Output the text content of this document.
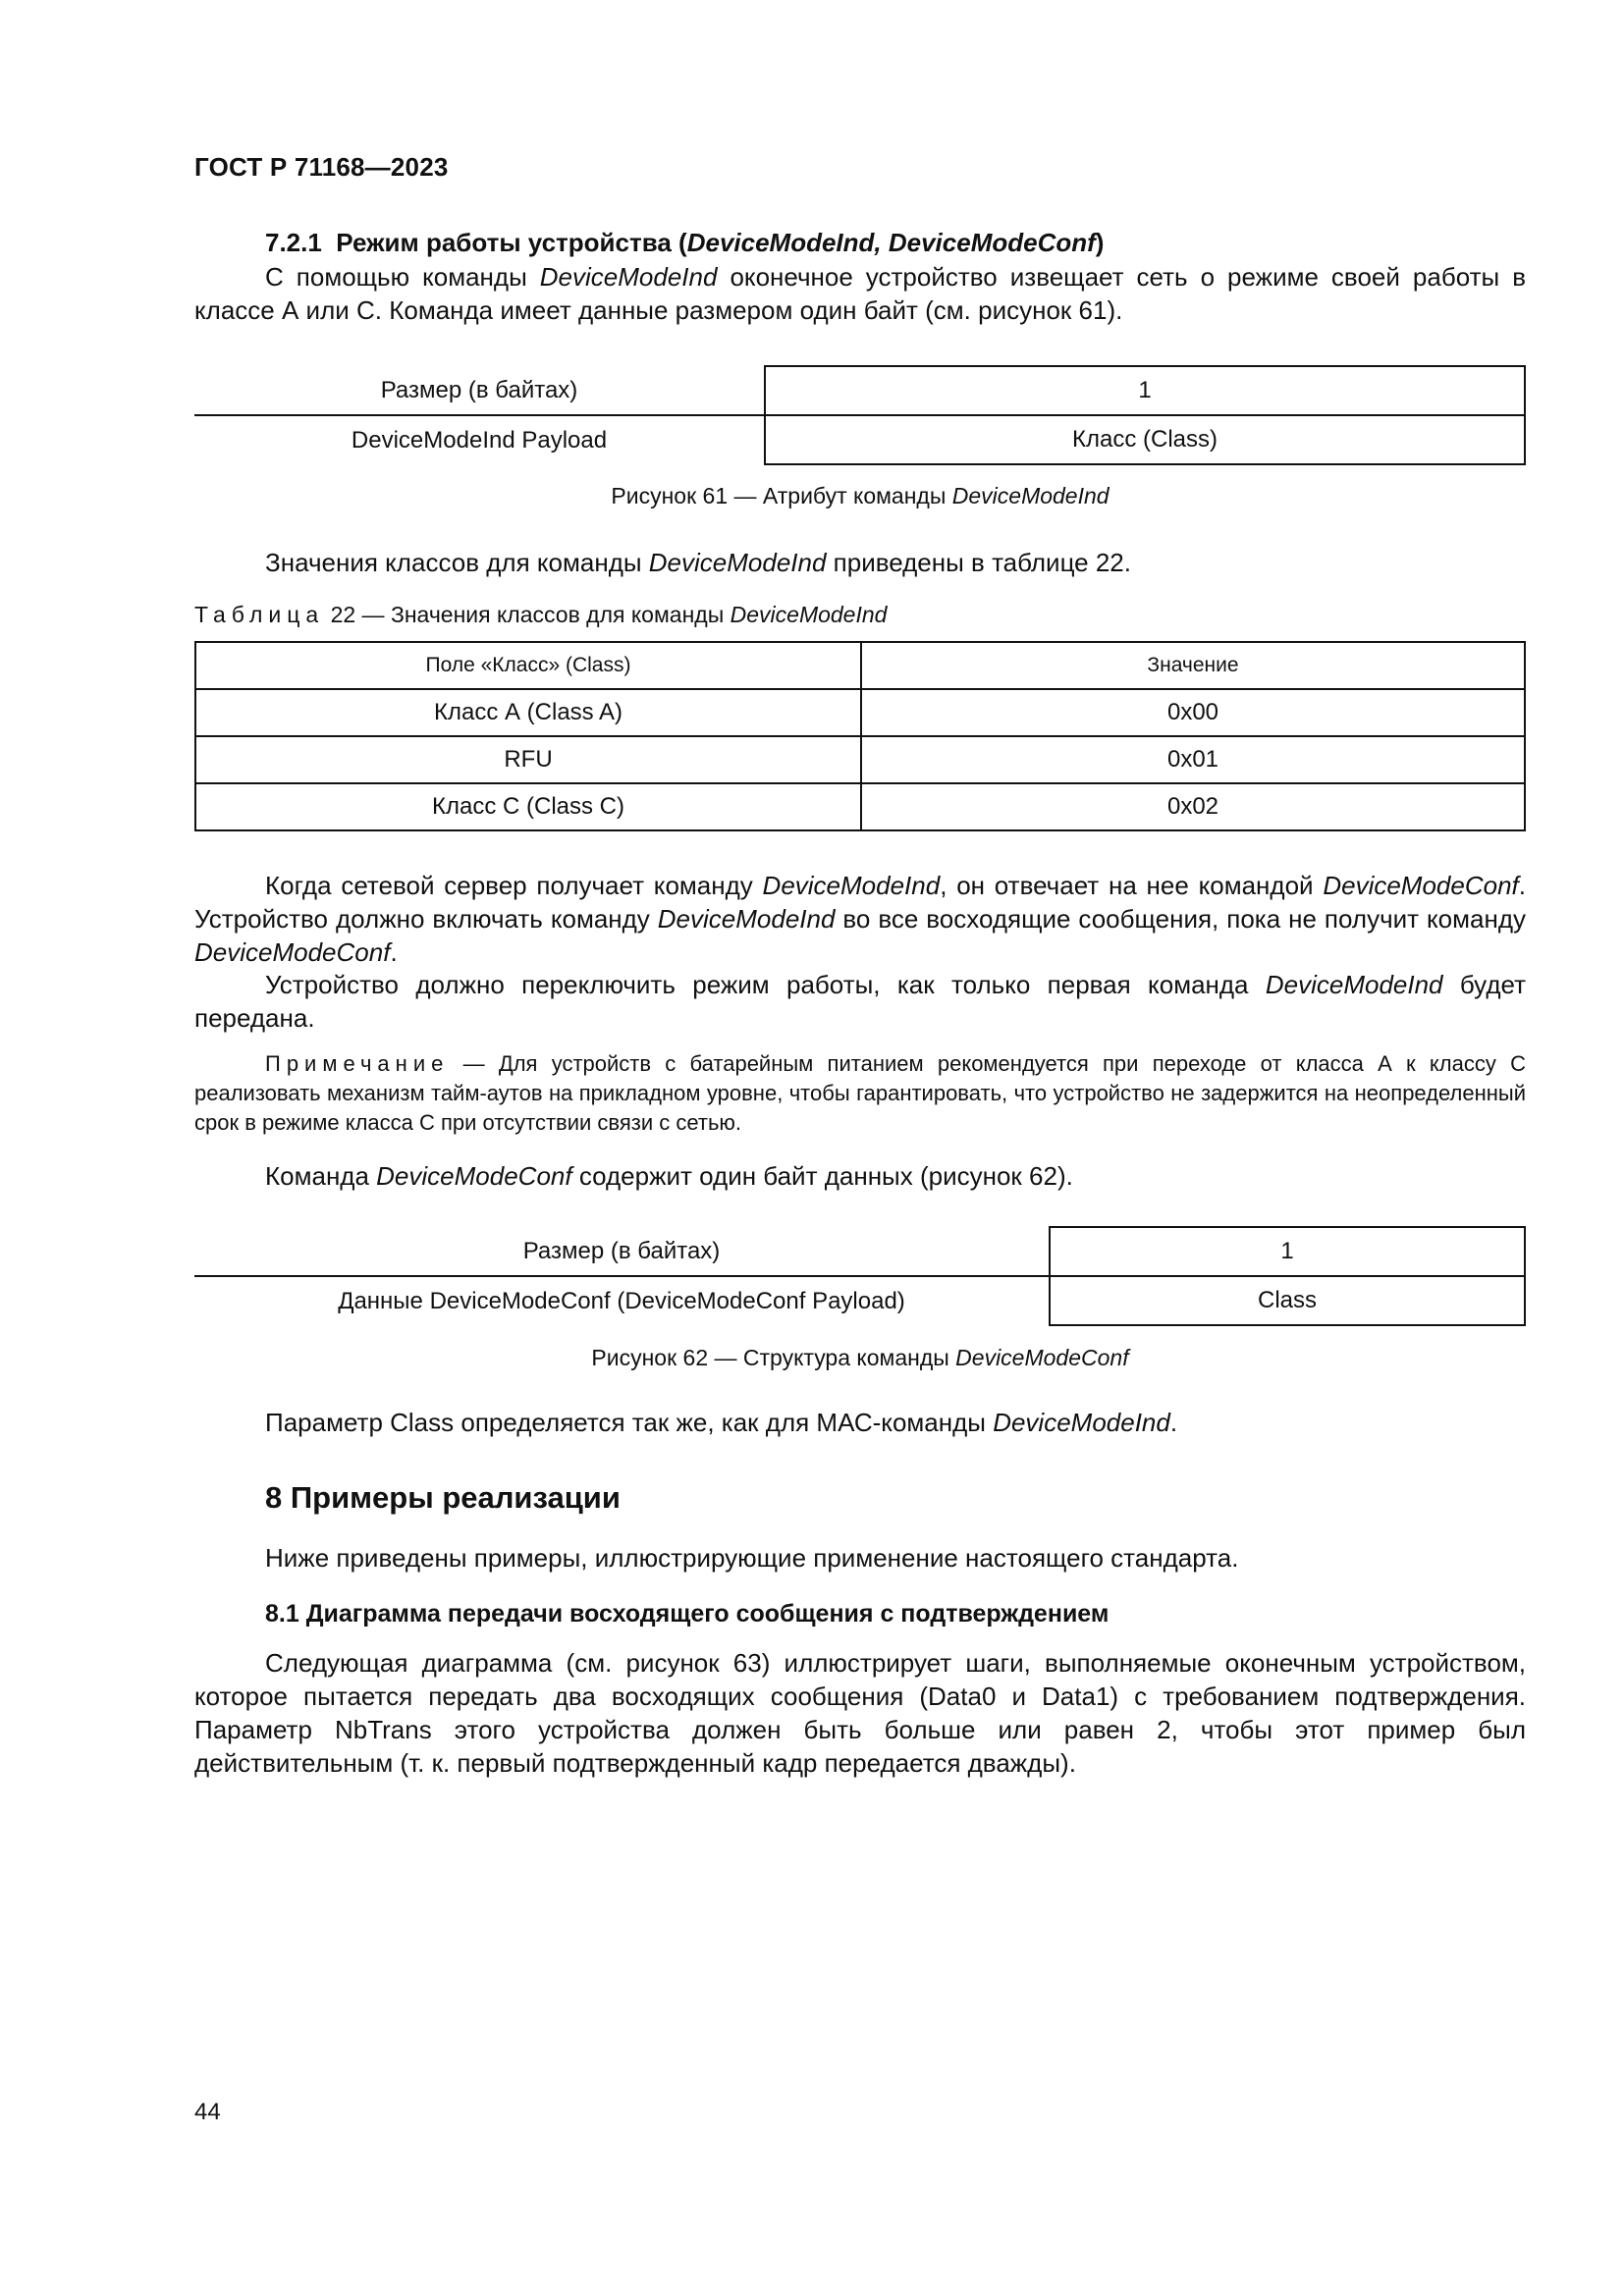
ГОСТ Р 71168—2023
7.2.1 Режим работы устройства (DeviceModeInd, DeviceModeConf)
С помощью команды DeviceModeInd оконечное устройство извещает сеть о режиме своей работы в классе А или С. Команда имеет данные размером один байт (см. рисунок 61).
Размер (в байтах)	1
DeviceModeInd Payload	Класс (Class)
Рисунок 61 — Атрибут команды DeviceModeInd
Значения классов для команды DeviceModeInd приведены в таблице 22.
Таблица 22 — Значения классов для команды DeviceModeInd
Поле «Класс» (Class)	Значение
Класс А (Class A)	0x00
RFU	0x01
Класс С (Class C)	0x02
Когда сетевой сервер получает команду DeviceModeInd, он отвечает на нее командой DeviceModeConf. Устройство должно включать команду DeviceModeInd во все восходящие сообщения, пока не получит команду DeviceModeConf.
Устройство должно переключить режим работы, как только первая команда DeviceModeInd будет передана.
Примечание — Для устройств с батарейным питанием рекомендуется при переходе от класса А к классу С реализовать механизм тайм-аутов на прикладном уровне, чтобы гарантировать, что устройство не задержится на неопределенный срок в режиме класса С при отсутствии связи с сетью.
Команда DeviceModeConf содержит один байт данных (рисунок 62).
Размер (в байтах)	1
Данные DeviceModeConf (DeviceModeConf Payload)	Class
Рисунок 62 — Структура команды DeviceModeConf
Параметр Class определяется так же, как для МАС-команды DeviceModeInd.
8 Примеры реализации
Ниже приведены примеры, иллюстрирующие применение настоящего стандарта.
8.1 Диаграмма передачи восходящего сообщения с подтверждением
Следующая диаграмма (см. рисунок 63) иллюстрирует шаги, выполняемые оконечным устройством, которое пытается передать два восходящих сообщения (Data0 и Data1) с требованием подтверждения. Параметр NbTrans этого устройства должен быть больше или равен 2, чтобы этот пример был действительным (т. к. первый подтвержденный кадр передается дважды).
44
